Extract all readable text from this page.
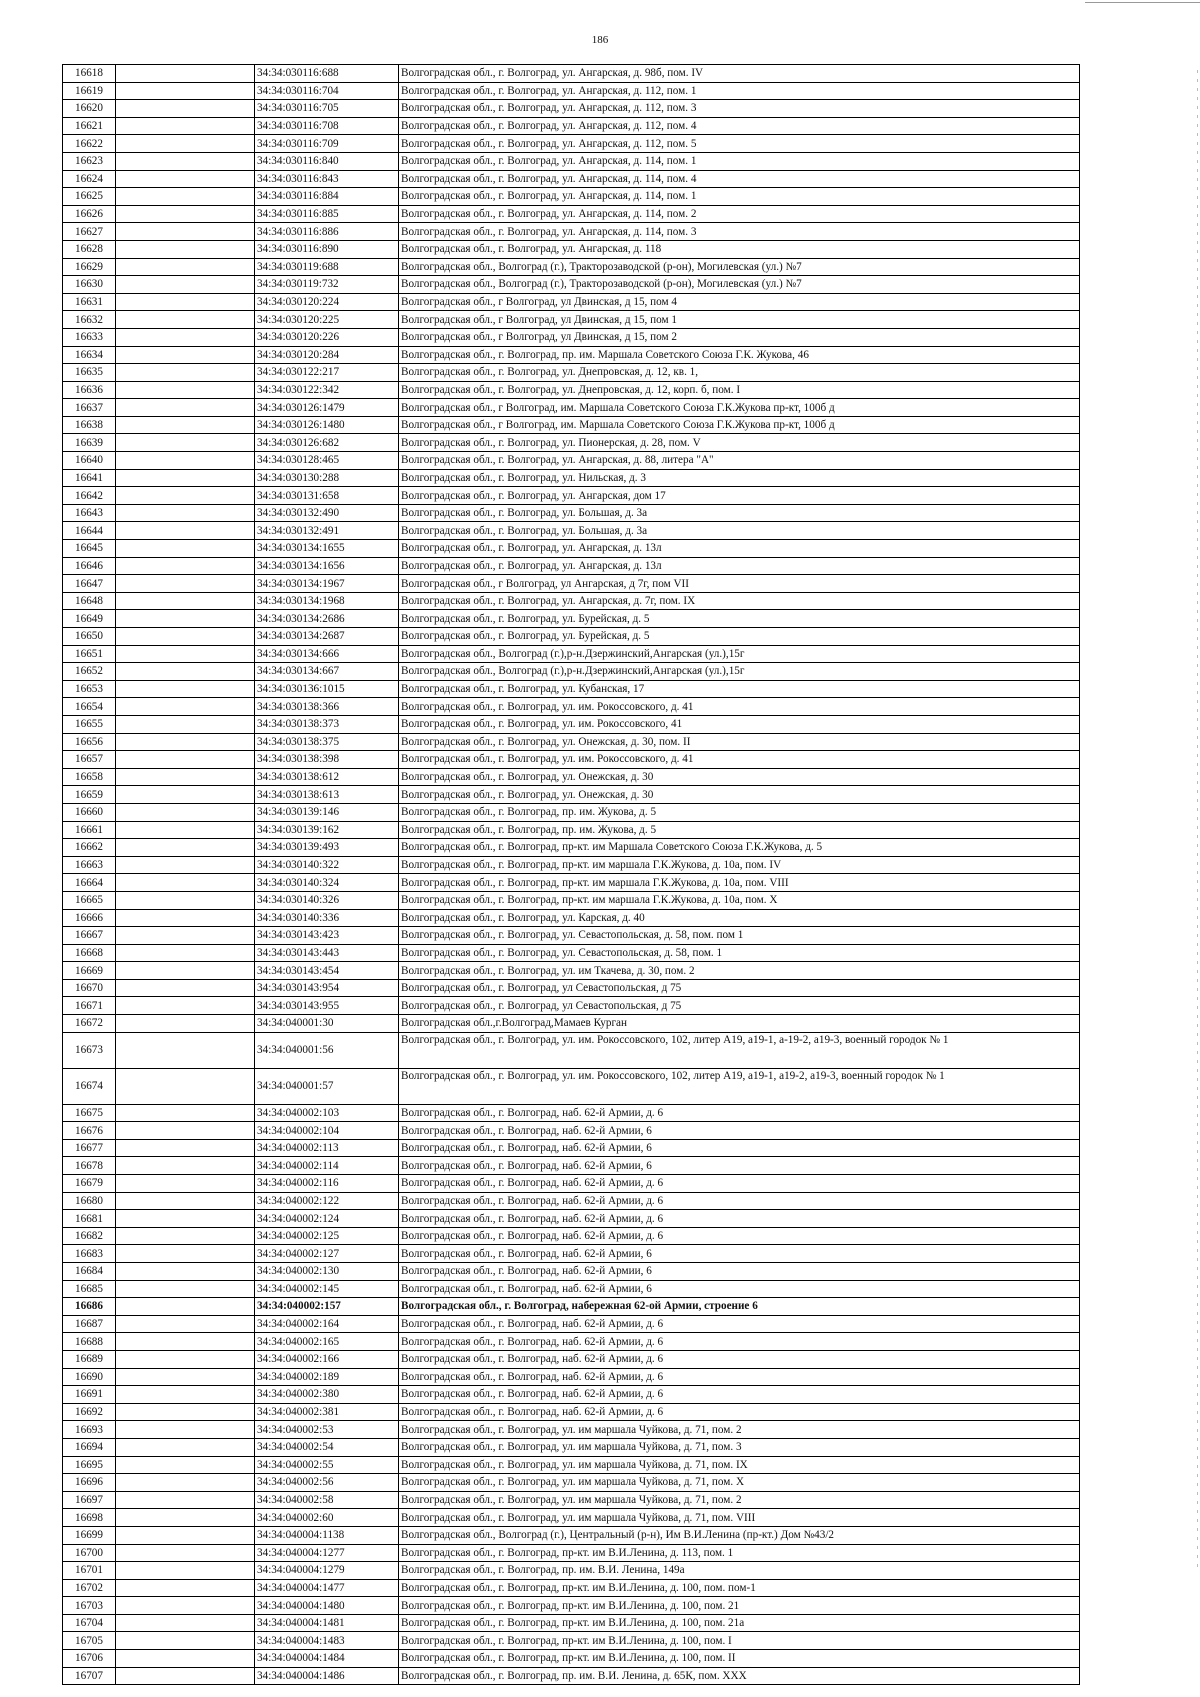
186
16618		34:34:030116:688	Волгоградская обл., г. Волгоград, ул. Ангарская, д. 98б, пом. IV
16619		34:34:030116:704	Волгоградская обл., г. Волгоград, ул. Ангарская, д. 112, пом. 1
16620		34:34:030116:705	Волгоградская обл., г. Волгоград, ул. Ангарская, д. 112, пом. 3
16621		34:34:030116:708	Волгоградская обл., г. Волгоград, ул. Ангарская, д. 112, пом. 4
16622		34:34:030116:709	Волгоградская обл., г. Волгоград, ул. Ангарская, д. 112, пом. 5
16623		34:34:030116:840	Волгоградская обл., г. Волгоград, ул. Ангарская, д. 114, пом. 1
16624		34:34:030116:843	Волгоградская обл., г. Волгоград, ул. Ангарская, д. 114, пом. 4
16625		34:34:030116:884	Волгоградская обл., г. Волгоград, ул. Ангарская, д. 114, пом. 1
16626		34:34:030116:885	Волгоградская обл., г. Волгоград, ул. Ангарская, д. 114, пом. 2
16627		34:34:030116:886	Волгоградская обл., г. Волгоград, ул. Ангарская, д. 114, пом. 3
16628		34:34:030116:890	Волгоградская обл., г. Волгоград, ул. Ангарская, д. 118
16629		34:34:030119:688	Волгоградская обл., Волгоград (г.), Тракторозаводской (р-он), Могилевская (ул.) №7
16630		34:34:030119:732	Волгоградская обл., Волгоград (г.), Тракторозаводской (р-он), Могилевская (ул.) №7
16631		34:34:030120:224	Волгоградская обл., г Волгоград, ул Двинская, д 15, пом 4
16632		34:34:030120:225	Волгоградская обл., г Волгоград, ул Двинская, д 15, пом 1
16633		34:34:030120:226	Волгоградская обл., г Волгоград, ул Двинская, д 15, пом 2
16634		34:34:030120:284	Волгоградская обл., г. Волгоград, пр. им. Маршала Советского Союза Г.К. Жукова, 46
16635		34:34:030122:217	Волгоградская обл., г. Волгоград, ул. Днепровская, д. 12, кв. 1,
16636		34:34:030122:342	Волгоградская обл., г. Волгоград, ул. Днепровская, д. 12, корп. б, пом. I
16637		34:34:030126:1479	Волгоградская обл., г Волгоград, им. Маршала Советского Союза Г.К.Жукова пр-кт, 100б д
16638		34:34:030126:1480	Волгоградская обл., г Волгоград, им. Маршала Советского Союза Г.К.Жукова пр-кт, 100б д
16639		34:34:030126:682	Волгоградская обл., г. Волгоград, ул. Пионерская, д. 28, пом. V
16640		34:34:030128:465	Волгоградская обл., г. Волгоград, ул. Ангарская, д. 88, литера "А"
16641		34:34:030130:288	Волгоградская обл., г. Волгоград, ул. Нильская, д. 3
16642		34:34:030131:658	Волгоградская обл., г. Волгоград, ул. Ангарская, дом 17
16643		34:34:030132:490	Волгоградская обл., г. Волгоград, ул. Большая, д. 3а
16644		34:34:030132:491	Волгоградская обл., г. Волгоград, ул. Большая, д. 3а
16645		34:34:030134:1655	Волгоградская обл., г. Волгоград, ул. Ангарская, д. 13л
16646		34:34:030134:1656	Волгоградская обл., г. Волгоград, ул. Ангарская, д. 13л
16647		34:34:030134:1967	Волгоградская обл., г Волгоград, ул Ангарская, д 7г, пом VII
16648		34:34:030134:1968	Волгоградская обл., г. Волгоград, ул. Ангарская, д. 7г, пом. IX
16649		34:34:030134:2686	Волгоградская обл., г. Волгоград, ул. Бурейская, д. 5
16650		34:34:030134:2687	Волгоградская обл., г. Волгоград, ул. Бурейская, д. 5
16651		34:34:030134:666	Волгоградская обл., Волгоград (г.),р-н.Дзержинский,Ангарская (ул.),15г
16652		34:34:030134:667	Волгоградская обл., Волгоград (г.),р-н.Дзержинский,Ангарская (ул.),15г
16653		34:34:030136:1015	Волгоградская обл., г. Волгоград, ул. Кубанская, 17
16654		34:34:030138:366	Волгоградская обл., г. Волгоград, ул. им. Рокоссовского, д. 41
16655		34:34:030138:373	Волгоградская обл., г. Волгоград, ул. им. Рокоссовского, 41
16656		34:34:030138:375	Волгоградская обл., г. Волгоград, ул. Онежская, д. 30, пом. II
16657		34:34:030138:398	Волгоградская обл., г. Волгоград, ул. им. Рокоссовского, д. 41
16658		34:34:030138:612	Волгоградская обл., г. Волгоград, ул. Онежская, д. 30
16659		34:34:030138:613	Волгоградская обл., г. Волгоград, ул. Онежская, д. 30
16660		34:34:030139:146	Волгоградская обл., г. Волгоград, пр. им. Жукова, д. 5
16661		34:34:030139:162	Волгоградская обл., г. Волгоград, пр. им. Жукова, д. 5
16662		34:34:030139:493	Волгоградская обл., г. Волгоград, пр-кт. им Маршала Советского Союза Г.К.Жукова, д. 5
16663		34:34:030140:322	Волгоградская обл., г. Волгоград, пр-кт. им маршала Г.К.Жукова, д. 10а, пом. IV
16664		34:34:030140:324	Волгоградская обл., г. Волгоград, пр-кт. им маршала Г.К.Жукова, д. 10а, пом. VIII
16665		34:34:030140:326	Волгоградская обл., г. Волгоград, пр-кт. им маршала Г.К.Жукова, д. 10а, пом. X
16666		34:34:030140:336	Волгоградская обл., г. Волгоград, ул. Карская, д. 40
16667		34:34:030143:423	Волгоградская обл., г. Волгоград, ул. Севастопольская, д. 58, пом. пом 1
16668		34:34:030143:443	Волгоградская обл., г. Волгоград, ул. Севастопольская, д. 58, пом. 1
16669		34:34:030143:454	Волгоградская обл., г. Волгоград, ул. им Ткачева, д. 30, пом. 2
16670		34:34:030143:954	Волгоградская обл., г. Волгоград, ул Севастопольская, д 75
16671		34:34:030143:955	Волгоградская обл., г. Волгоград, ул Севастопольская, д 75
16672		34:34:040001:30	Волгоградская обл.,г.Волгоград,Мамаев Курган
16673		34:34:040001:56	Волгоградская обл., г. Волгоград, ул. им. Рокоссовского, 102, литер А19, а19-1, а-19-2, а19-3, военный городок № 1
16674		34:34:040001:57	Волгоградская обл., г. Волгоград, ул. им. Рокоссовского, 102, литер А19, а19-1, а19-2, а19-3, военный городок № 1
16675		34:34:040002:103	Волгоградская обл., г. Волгоград, наб. 62-й Армии, д. 6
16676		34:34:040002:104	Волгоградская обл., г. Волгоград, наб. 62-й Армии, 6
16677		34:34:040002:113	Волгоградская обл., г. Волгоград, наб. 62-й Армии, 6
16678		34:34:040002:114	Волгоградская обл., г. Волгоград, наб. 62-й Армии, 6
16679		34:34:040002:116	Волгоградская обл., г. Волгоград, наб. 62-й Армии, д. 6
16680		34:34:040002:122	Волгоградская обл., г. Волгоград, наб. 62-й Армии, д. 6
16681		34:34:040002:124	Волгоградская обл., г. Волгоград, наб. 62-й Армии, д. 6
16682		34:34:040002:125	Волгоградская обл., г. Волгоград, наб. 62-й Армии, д. 6
16683		34:34:040002:127	Волгоградская обл., г. Волгоград, наб. 62-й Армии, 6
16684		34:34:040002:130	Волгоградская обл., г. Волгоград, наб. 62-й Армии, 6
16685		34:34:040002:145	Волгоградская обл., г. Волгоград, наб. 62-й Армии, 6
16686		34:34:040002:157	Волгоградская обл., г. Волгоград, набережная 62-ой Армии, строение 6
16687		34:34:040002:164	Волгоградская обл., г. Волгоград, наб. 62-й Армии, д. 6
16688		34:34:040002:165	Волгоградская обл., г. Волгоград, наб. 62-й Армии, д. 6
16689		34:34:040002:166	Волгоградская обл., г. Волгоград, наб. 62-й Армии, д. 6
16690		34:34:040002:189	Волгоградская обл., г. Волгоград, наб. 62-й Армии, д. 6
16691		34:34:040002:380	Волгоградская обл., г. Волгоград, наб. 62-й Армии, д. 6
16692		34:34:040002:381	Волгоградская обл., г. Волгоград, наб. 62-й Армии, д. 6
16693		34:34:040002:53	Волгоградская обл., г. Волгоград, ул. им маршала Чуйкова, д. 71, пом. 2
16694		34:34:040002:54	Волгоградская обл., г. Волгоград, ул. им маршала Чуйкова, д. 71, пом. 3
16695		34:34:040002:55	Волгоградская обл., г. Волгоград, ул. им маршала Чуйкова, д. 71, пом. IX
16696		34:34:040002:56	Волгоградская обл., г. Волгоград, ул. им маршала Чуйкова, д. 71, пом. X
16697		34:34:040002:58	Волгоградская обл., г. Волгоград, ул. им маршала Чуйкова, д. 71, пом. 2
16698		34:34:040002:60	Волгоградская обл., г. Волгоград, ул. им маршала Чуйкова, д. 71, пом. VIII
16699		34:34:040004:1138	Волгоградская обл., Волгоград (г.), Центральный (р-н), Им В.И.Ленина (пр-кт.) Дом №43/2
16700		34:34:040004:1277	Волгоградская обл., г. Волгоград, пр-кт. им В.И.Ленина, д. 113, пом. 1
16701		34:34:040004:1279	Волгоградская обл., г. Волгоград, пр. им. В.И. Ленина, 149а
16702		34:34:040004:1477	Волгоградская обл., г. Волгоград, пр-кт. им В.И.Ленина, д. 100, пом. пом-1
16703		34:34:040004:1480	Волгоградская обл., г. Волгоград, пр-кт. им В.И.Ленина, д. 100, пом. 21
16704		34:34:040004:1481	Волгоградская обл., г. Волгоград, пр-кт. им В.И.Ленина, д. 100, пом. 21а
16705		34:34:040004:1483	Волгоградская обл., г. Волгоград, пр-кт. им В.И.Ленина, д. 100, пом. I
16706		34:34:040004:1484	Волгоградская обл., г. Волгоград, пр-кт. им В.И.Ленина, д. 100, пом. II
16707		34:34:040004:1486	Волгоградская обл., г. Волгоград, пр. им. В.И. Ленина, д. 65К, пом. XXX
